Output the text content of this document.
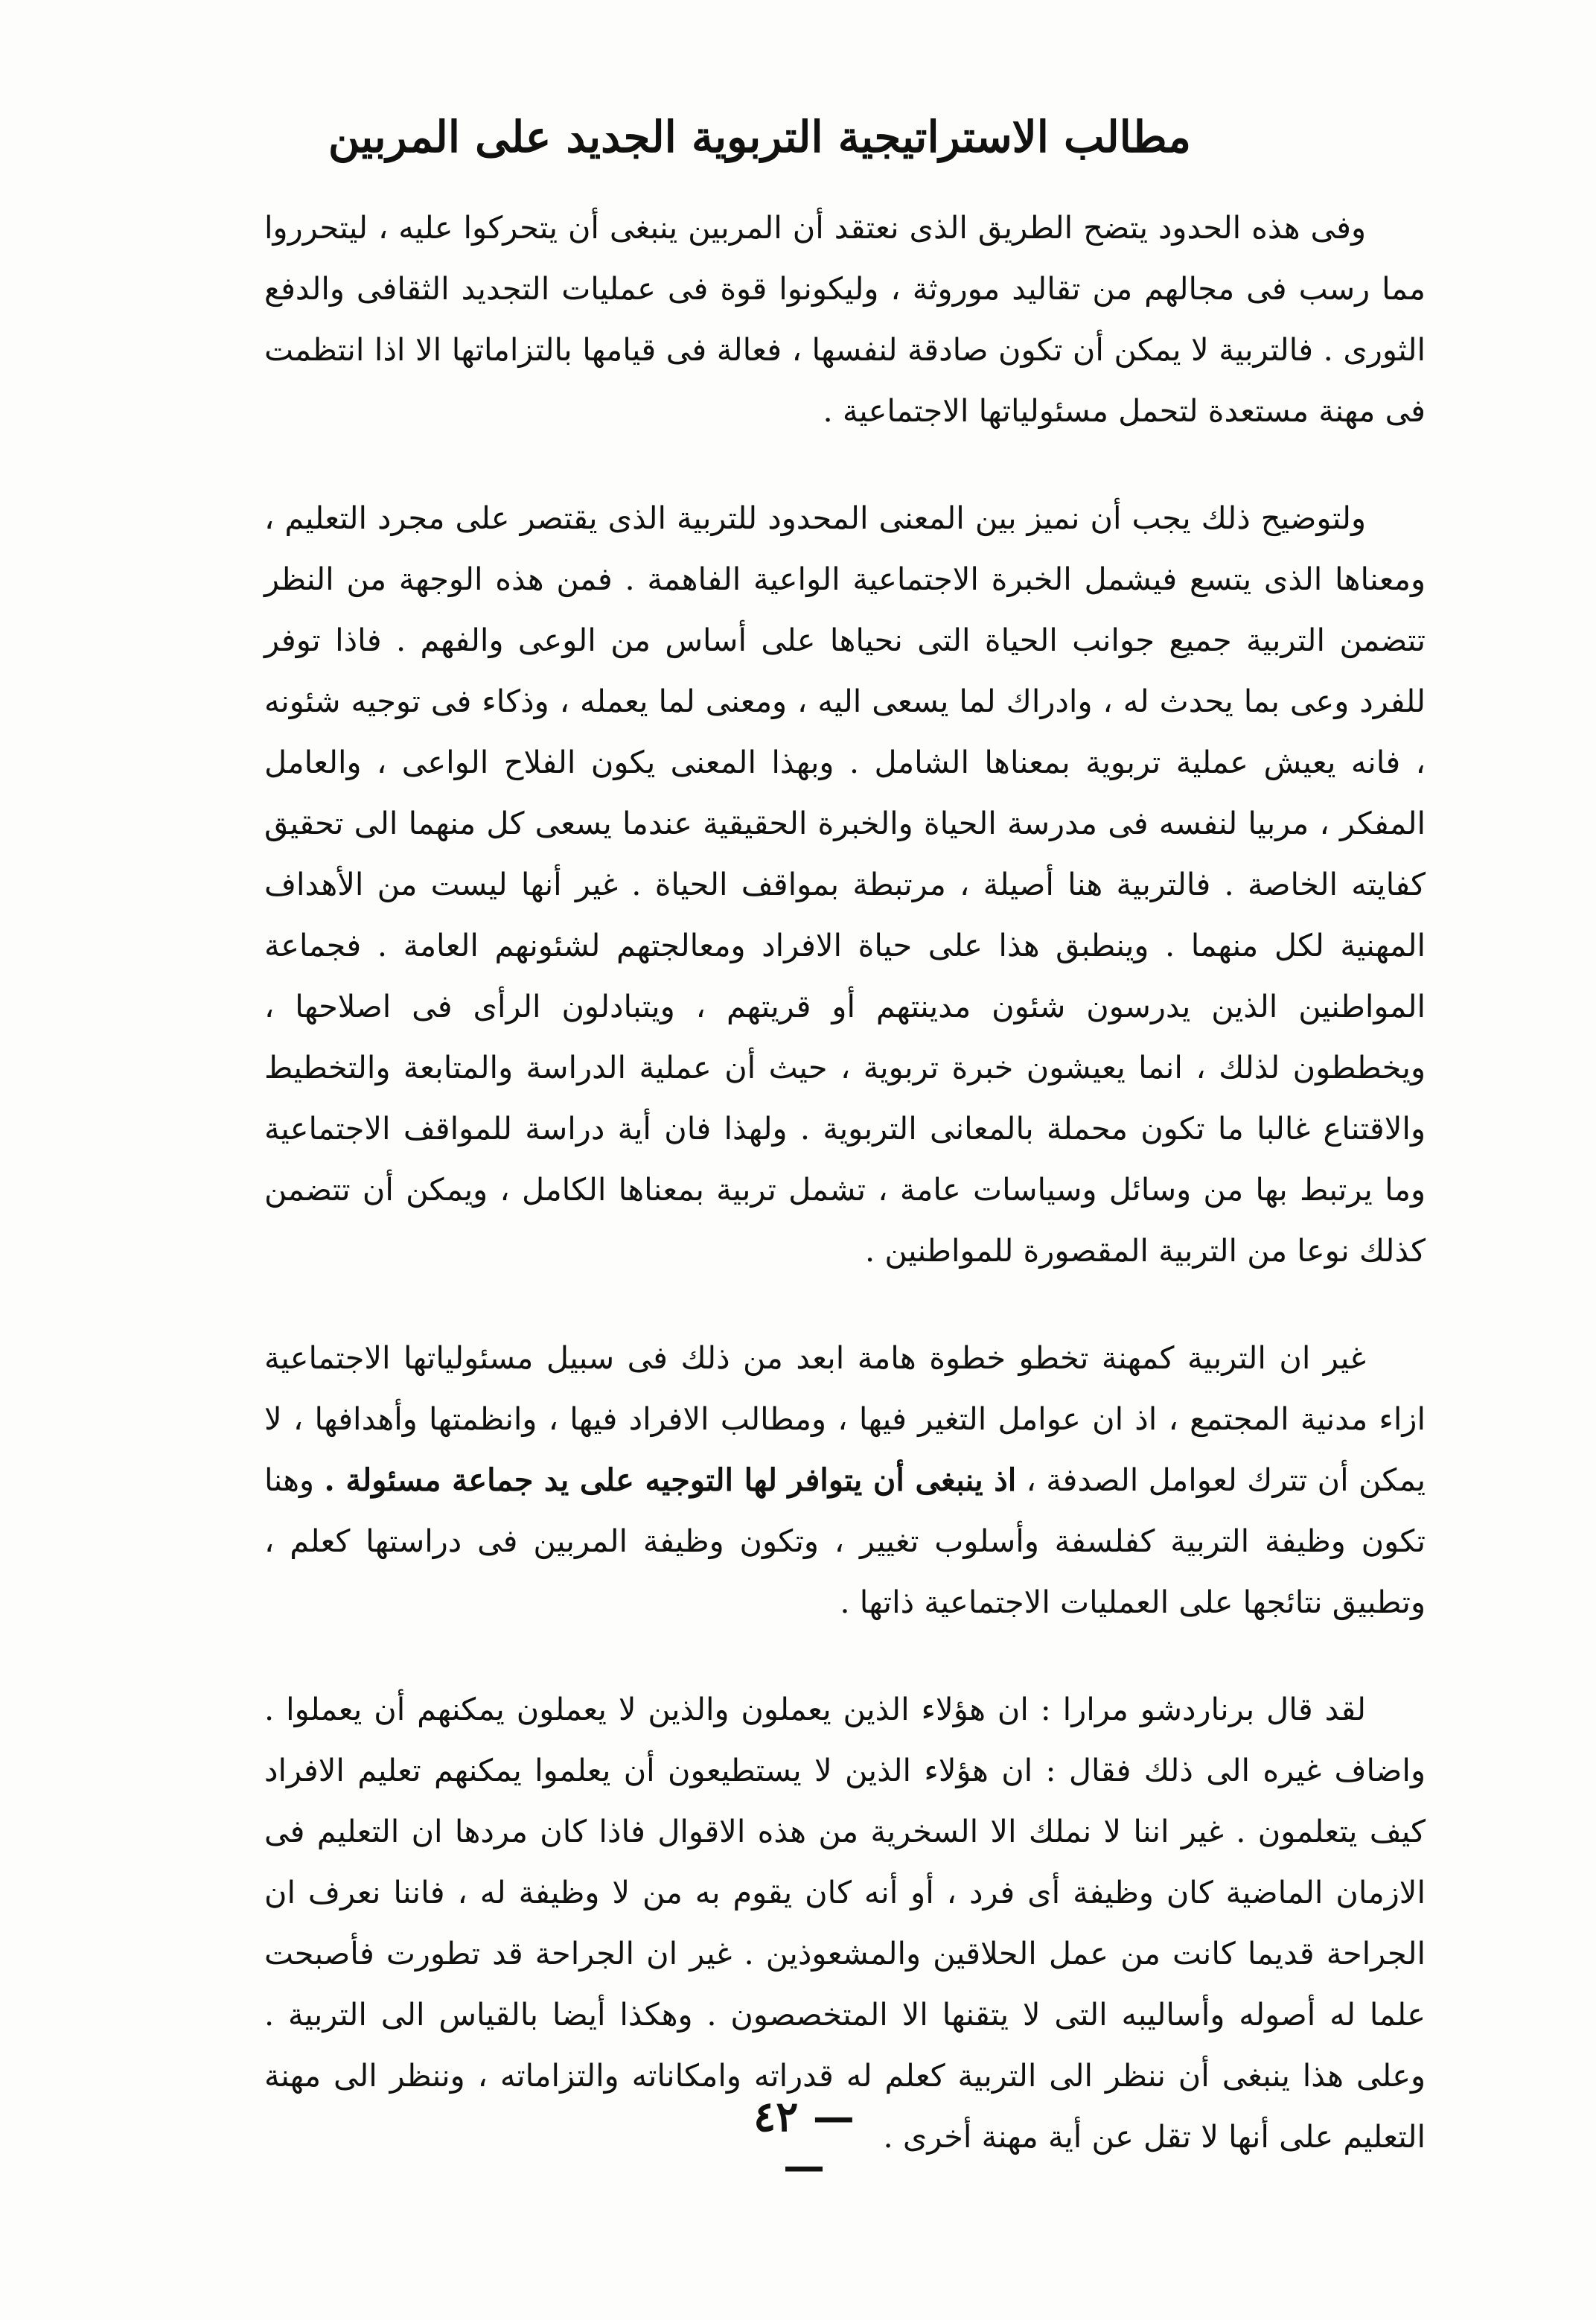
مطالب الاستراتيجية التربوية الجديد على المربين

وفى هذه الحدود يتضح الطريق الذى نعتقد أن المربين ينبغى أن يتحركوا عليه ، ليتحرروا مما رسب فى مجالهم من تقاليد موروثة ، وليكونوا قوة فى عمليات التجديد الثقافى والدفع الثورى . فالتربية لا يمكن أن تكون صادقة لنفسها ، فعالة فى قيامها بالتزاماتها الا اذا انتظمت فى مهنة مستعدة لتحمل مسئولياتها الاجتماعية .

ولتوضيح ذلك يجب أن نميز بين المعنى المحدود للتربية الذى يقتصر على مجرد التعليم ، ومعناها الذى يتسع فيشمل الخبرة الاجتماعية الواعية الفاهمة . فمن هذه الوجهة من النظر تتضمن التربية جميع جوانب الحياة التى نحياها على أساس من الوعى والفهم . فاذا توفر للفرد وعى بما يحدث له ، وادراك لما يسعى اليه ، ومعنى لما يعمله ، وذكاء فى توجيه شئونه ، فانه يعيش عملية تربوية بمعناها الشامل . وبهذا المعنى يكون الفلاح الواعى ، والعامل المفكر ، مربيا لنفسه فى مدرسة الحياة والخبرة الحقيقية عندما يسعى كل منهما الى تحقيق كفايته الخاصة . فالتربية هنا أصيلة ، مرتبطة بمواقف الحياة . غير أنها ليست من الأهداف المهنية لكل منهما . وينطبق هذا على حياة الافراد ومعالجتهم لشئونهم العامة . فجماعة المواطنين الذين يدرسون شئون مدينتهم أو قريتهم ، ويتبادلون الرأى فى اصلاحها ، ويخططون لذلك ، انما يعيشون خبرة تربوية ، حيث أن عملية الدراسة والمتابعة والتخطيط والاقتناع غالبا ما تكون محملة بالمعانى التربوية . ولهذا فان أية دراسة للمواقف الاجتماعية وما يرتبط بها من وسائل وسياسات عامة ، تشمل تربية بمعناها الكامل ، ويمكن أن تتضمن كذلك نوعا من التربية المقصورة للمواطنين .

غير ان التربية كمهنة تخطو خطوة هامة ابعد من ذلك فى سبيل مسئولياتها الاجتماعية ازاء مدنية المجتمع ، اذ ان عوامل التغير فيها ، ومطالب الافراد فيها ، وانظمتها وأهدافها ، لا يمكن أن تترك لعوامل الصدفة ، اذ ينبغى أن يتوافر لها التوجيه على يد جماعة مسئولة . وهنا تكون وظيفة التربية كفلسفة وأسلوب تغيير ، وتكون وظيفة المربين فى دراستها كعلم ، وتطبيق نتائجها على العمليات الاجتماعية ذاتها .

لقد قال برناردشو مرارا : ان هؤلاء الذين يعملون والذين لا يعملون يمكنهم أن يعملوا . واضاف غيره الى ذلك فقال : ان هؤلاء الذين لا يستطيعون أن يعلموا يمكنهم تعليم الافراد كيف يتعلمون . غير اننا لا نملك الا السخرية من هذه الاقوال فاذا كان مردها ان التعليم فى الازمان الماضية كان وظيفة أى فرد ، أو أنه كان يقوم به من لا وظيفة له ، فاننا نعرف ان الجراحة قديما كانت من عمل الحلاقين والمشعوذين . غير ان الجراحة قد تطورت فأصبحت علما له أصوله وأساليبه التى لا يتقنها الا المتخصصون . وهكذا أيضا بالقياس الى التربية . وعلى هذا ينبغى أن ننظر الى التربية كعلم له قدراته وامكاناته والتزاماته ، وننظر الى مهنة التعليم على أنها لا تقل عن أية مهنة أخرى .

— ٤٢ —
